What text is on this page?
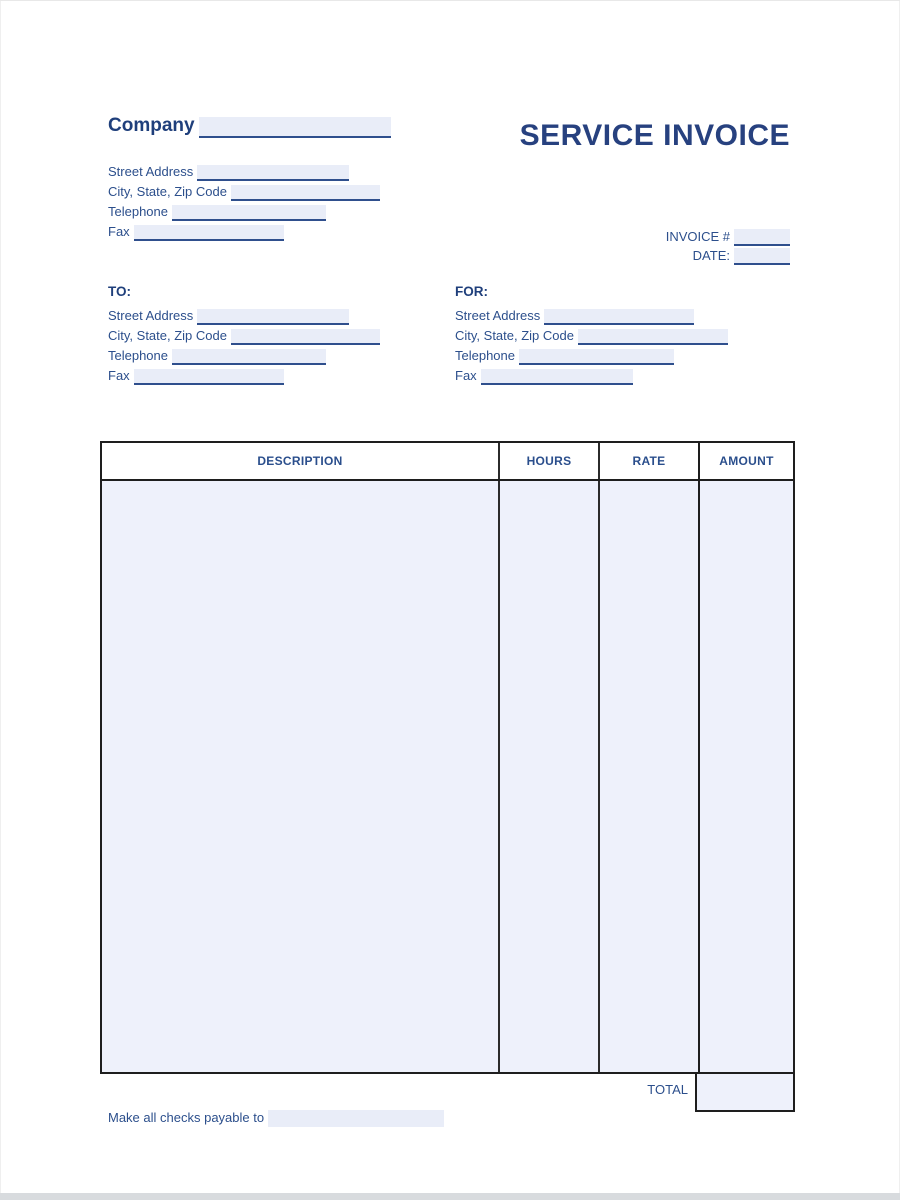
Company
Street Address
City, State, Zip Code
Telephone
Fax
SERVICE INVOICE
INVOICE #
DATE:
TO:
Street Address
City, State, Zip Code
Telephone
Fax
FOR:
Street Address
City, State, Zip Code
Telephone
Fax
DESCRIPTION	HOURS	RATE	AMOUNT
TOTAL
Make all checks payable to
